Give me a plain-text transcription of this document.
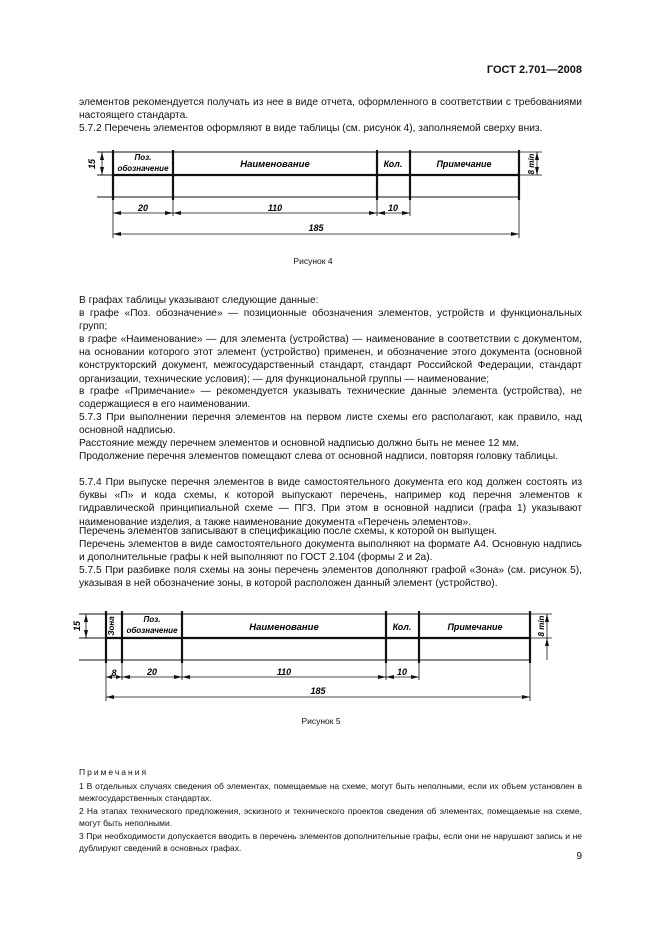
ГОСТ 2.701—2008

элементов рекомендуется получать из нее в виде отчета, оформленного в соответствии с требованиями настоящего стандарта.

5.7.2 Перечень элементов оформляют в виде таблицы (см. рисунок 4), заполняемой сверху вниз.

Поз.
обозначение	Наименование	Кол.	Примечание
20	110	10
185
15	8 min
Рисунок 4

В графах таблицы указывают следующие данные:

в графе «Поз. обозначение» — позиционные обозначения элементов, устройств и функциональных групп;

в графе «Наименование» — для элемента (устройства) — наименование в соответствии с документом, на основании которого этот элемент (устройство) применен, и обозначение этого документа (основной конструкторский документ, межгосударственный стандарт, стандарт Российской Федерации, стандарт организации, технические условия); — для функциональной группы — наименование;

в графе «Примечание» — рекомендуется указывать технические данные элемента (устройства), не содержащиеся в его наименовании.

5.7.3 При выполнении перечня элементов на первом листе схемы его располагают, как правило, над основной надписью.

Расстояние между перечнем элементов и основной надписью должно быть не менее 12 мм.

Продолжение перечня элементов помещают слева от основной надписи, повторяя головку таблицы.

5.7.4 При выпуске перечня элементов в виде самостоятельного документа его код должен состоять из буквы «П» и кода схемы, к которой выпускают перечень, например код перечня элементов к гидравлической принципиальной схеме — ПГЗ. При этом в основной надписи (графа 1) указывают наименование изделия, а также наименование документа «Перечень элементов».

Перечень элементов записывают в спецификацию после схемы, к которой он выпущен.

Перечень элементов в виде самостоятельного документа выполняют на формате А4. Основную надпись и дополнительные графы к ней выполняют по ГОСТ 2.104 (формы 2 и 2а).

5.7.5 При разбивке поля схемы на зоны перечень элементов дополняют графой «Зона» (см. рисунок 5), указывая в ней обозначение зоны, в которой расположен данный элемент (устройство).

Зона	Поз.
обозначение	Наименование	Кол.	Примечание
8	20	110	10
185
15	8 min
Рисунок 5
Примечания
1 В отдельных случаях сведения об элементах, помещаемые на схеме, могут быть неполными, если их объем установлен в межгосударственных стандартах.
2 На этапах технического предложения, эскизного и технического проектов сведения об элементах, помещаемые на схеме, могут быть неполными.
3 При необходимости допускается вводить в перечень элементов дополнительные графы, если они не нарушают запись и не дублируют сведений в основных графах.
9
